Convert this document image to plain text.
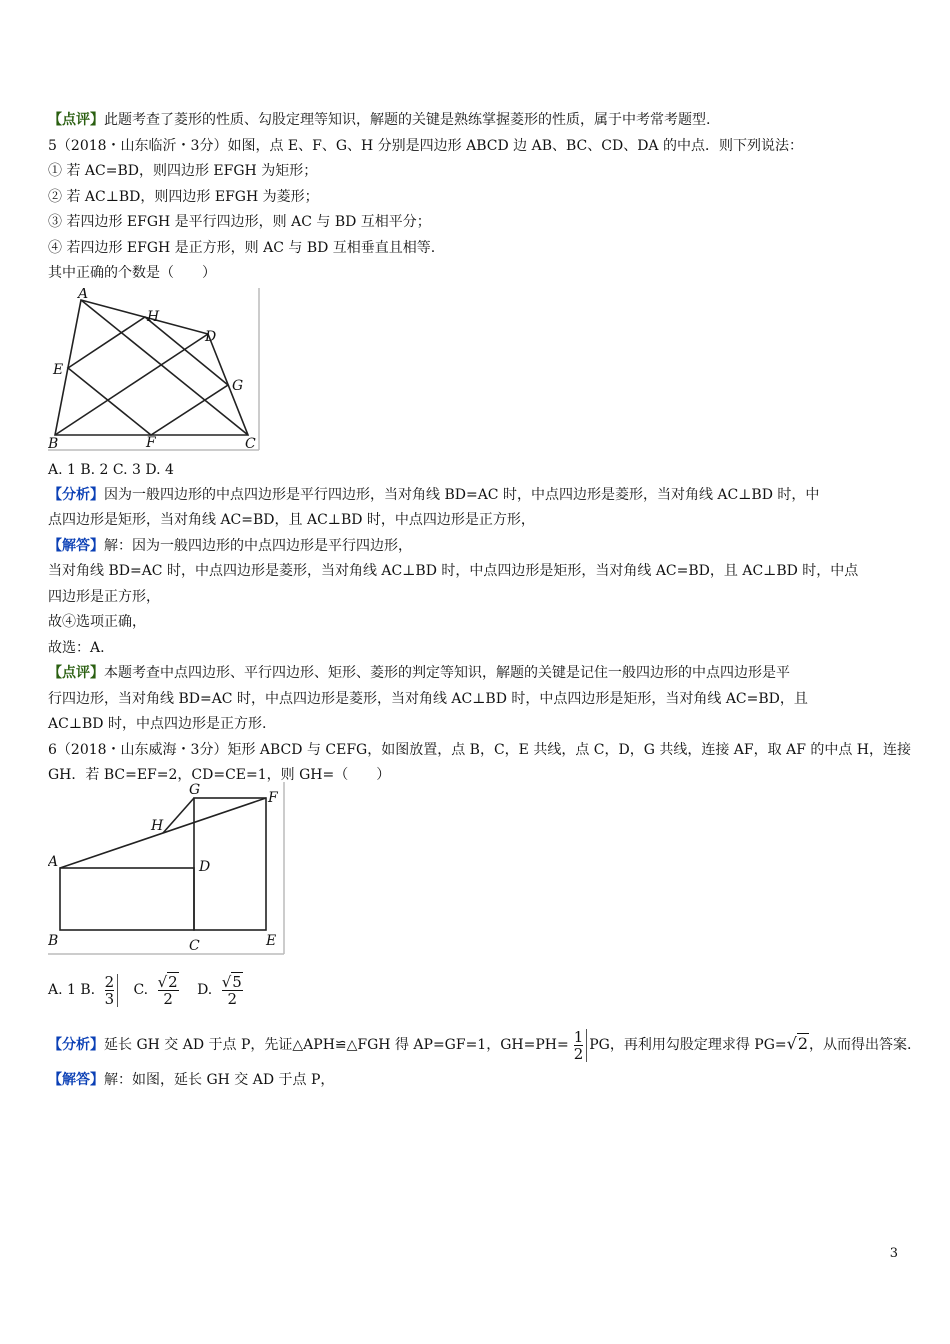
【点评】此题考查了菱形的性质、勾股定理等知识，解题的关键是熟练掌握菱形的性质，属于中考常考题型.
5（2018・山东临沂・3分）如图，点 E、F、G、H 分别是四边形 ABCD 边 AB、BC、CD、DA 的中点．则下列说法：
① 若 AC=BD，则四边形 EFGH 为矩形；
② 若 AC⊥BD，则四边形 EFGH 为菱形；
③ 若四边形 EFGH 是平行四边形，则 AC 与 BD 互相平分；
④ 若四边形 EFGH 是正方形，则 AC 与 BD 互相垂直且相等.
其中正确的个数是（　　）
A
H
D
E
G
B	F	C
A. 1 B. 2 C. 3 D. 4
【分析】因为一般四边形的中点四边形是平行四边形，当对角线 BD=AC 时，中点四边形是菱形，当对角线 AC⊥BD 时，中
点四边形是矩形，当对角线 AC=BD，且 AC⊥BD 时，中点四边形是正方形，
【解答】解：因为一般四边形的中点四边形是平行四边形，
当对角线 BD=AC 时，中点四边形是菱形，当对角线 AC⊥BD 时，中点四边形是矩形，当对角线 AC=BD，且 AC⊥BD 时，中点
四边形是正方形，
故④选项正确，
故选：A.
【点评】本题考查中点四边形、平行四边形、矩形、菱形的判定等知识，解题的关键是记住一般四边形的中点四边形是平
行四边形，当对角线 BD=AC 时，中点四边形是菱形，当对角线 AC⊥BD 时，中点四边形是矩形，当对角线 AC=BD，且
AC⊥BD 时，中点四边形是正方形.
6（2018・山东威海・3分）矩形 ABCD 与 CEFG，如图放置，点 B，C，E 共线，点 C，D，G 共线，连接 AF，取 AF 的中点 H，连接
GH．若 BC=EF=2，CD=CE=1，则 GH=（　　）
G	F
H
A	D
B	C	E
A. 1 B. $\frac{2}{3} C$. $\frac{√2}{2} D$. $\frac{√5}{2}$
【分析】延长 GH 交 AD 于点 P，先证△APH≌△FGH 得 AP=GF=1，$GH=PH= \frac{1}{2}$ PG，再利用勾股定理求得 PG=√2，从而得出答案.
【解答】解：如图，延长 GH 交 AD 于点 P，
3
